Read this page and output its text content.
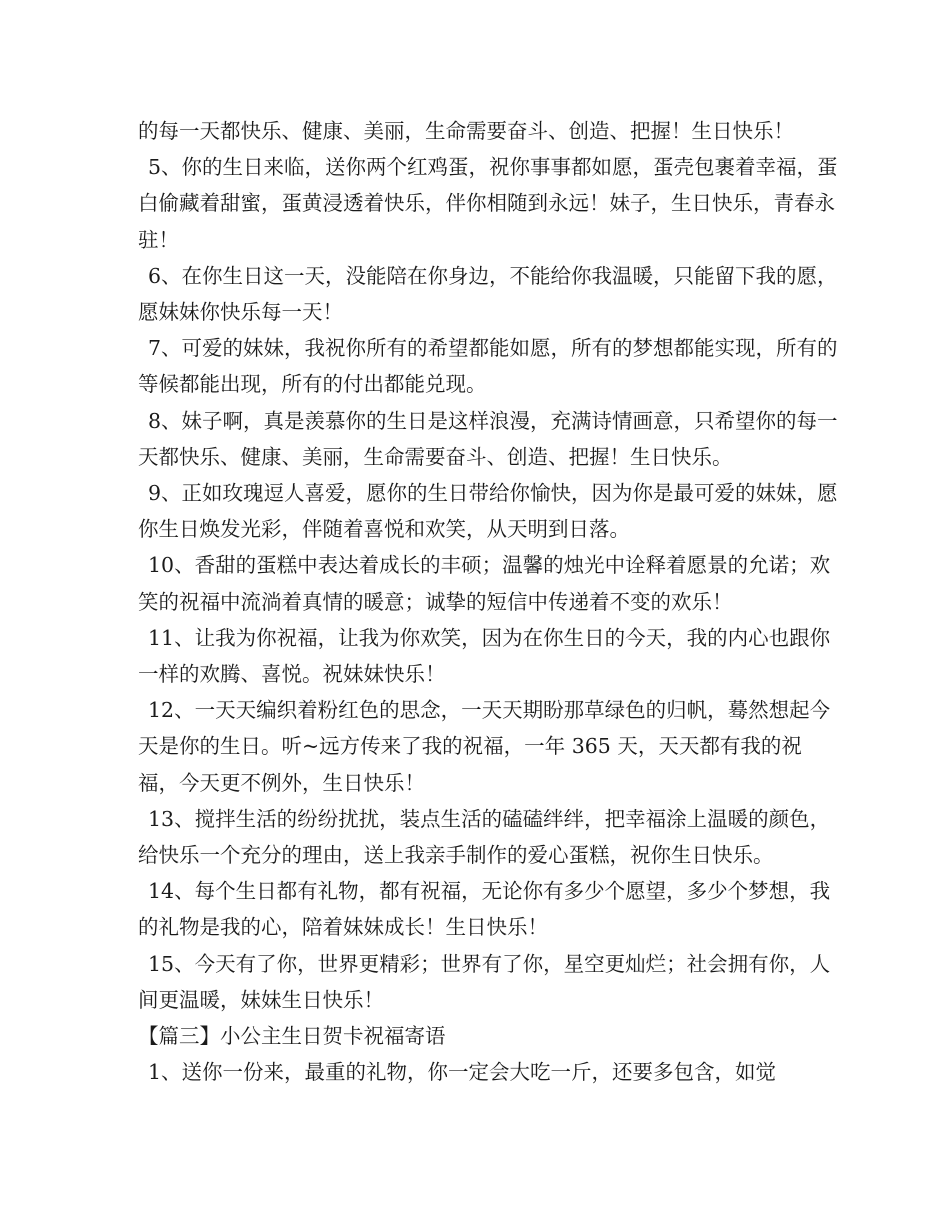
的每一天都快乐、健康、美丽，生命需要奋斗、创造、把握！生日快乐！

5、你的生日来临，送你两个红鸡蛋，祝你事事都如愿，蛋壳包裹着幸福，蛋白偷藏着甜蜜，蛋黄浸透着快乐，伴你相随到永远！妹子，生日快乐，青春永驻！

6、在你生日这一天，没能陪在你身边，不能给你我温暖，只能留下我的愿，愿妹妹你快乐每一天！

7、可爱的妹妹，我祝你所有的希望都能如愿，所有的梦想都能实现，所有的等候都能出现，所有的付出都能兑现。

8、妹子啊，真是羡慕你的生日是这样浪漫，充满诗情画意，只希望你的每一天都快乐、健康、美丽，生命需要奋斗、创造、把握！生日快乐。

9、正如玫瑰逗人喜爱，愿你的生日带给你愉快，因为你是最可爱的妹妹，愿你生日焕发光彩，伴随着喜悦和欢笑，从天明到日落。

10、香甜的蛋糕中表达着成长的丰硕；温馨的烛光中诠释着愿景的允诺；欢笑的祝福中流淌着真情的暖意；诚挚的短信中传递着不变的欢乐！

11、让我为你祝福，让我为你欢笑，因为在你生日的今天，我的内心也跟你一样的欢腾、喜悦。祝妹妹快乐！

12、一天天编织着粉红色的思念，一天天期盼那草绿色的归帆，蓦然想起今天是你的生日。听~远方传来了我的祝福，一年 365 天，天天都有我的祝福，今天更不例外，生日快乐！

13、搅拌生活的纷纷扰扰，装点生活的磕磕绊绊，把幸福涂上温暖的颜色，给快乐一个充分的理由，送上我亲手制作的爱心蛋糕，祝你生日快乐。

14、每个生日都有礼物，都有祝福，无论你有多少个愿望，多少个梦想，我的礼物是我的心，陪着妹妹成长！生日快乐！

15、今天有了你，世界更精彩；世界有了你，星空更灿烂；社会拥有你，人间更温暖，妹妹生日快乐！

【篇三】小公主生日贺卡祝福寄语

1、送你一份来，最重的礼物，你一定会大吃一斤，还要多包含，如觉
